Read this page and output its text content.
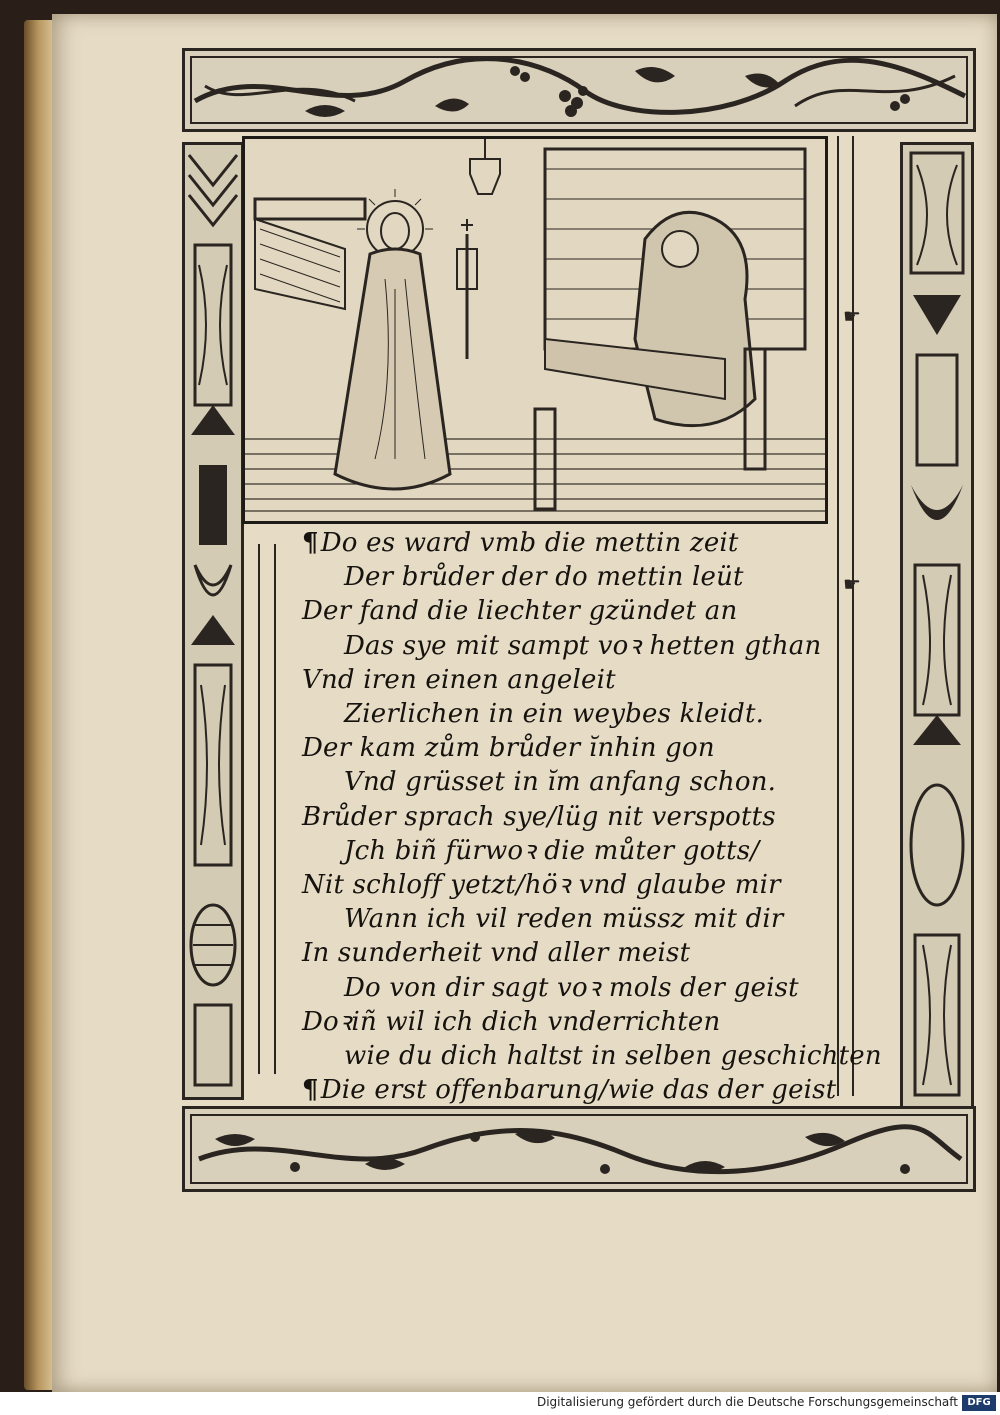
☛
☛
¶Do es ward vmb die mettin zeit
Der brůder der do mettin leüt
Der fand die liechter gzündet an
Das sye mit sampt voꝛ hetten gthan
Vnd iren einen angeleit
Zierlichen in ein weybes kleidt.
Der kam zům brůder ĭnhin gon
Vnd grüsset in ĭm anfang schon.
Brůder sprach sye/lüg nit verspotts
Jch biñ fürwoꝛ die můter gotts/
Nit schloff yetzt/höꝛ vnd glaube mir
Wann ich vil reden müssz mit dir
In sunderheit vnd aller meist
Do von dir sagt voꝛ mols der geist
Doꝛiñ wil ich dich vnderrichten
wie du dich haltst in selben geschichten
¶Die erst offenbarung/wie das der geist
Digitalisierung gefördert durch die Deutsche Forschungsgemeinschaft DFG
